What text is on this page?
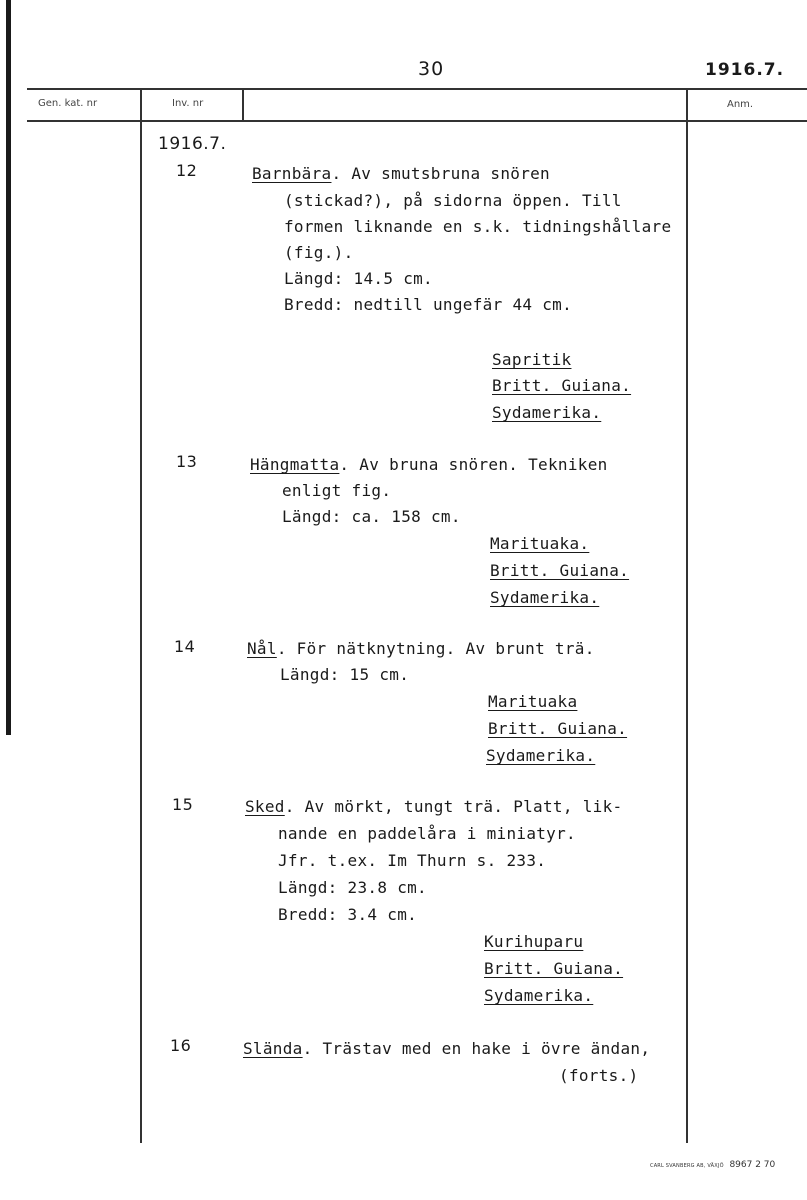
30	1916.7.
Gen. kat. nr	Inv. nr	Anm.
1916.7.
12	Barnbära. Av smutsbruna snören
(stickad?), på sidorna öppen. Till
formen liknande en s.k. tidningshållare
(fig.).
Längd: 14.5 cm.
Bredd: nedtill ungefär 44 cm.
Sapritik
Britt. Guiana.
Sydamerika.
13	Hängmatta. Av bruna snören. Tekniken
enligt fig.
Längd: ca. 158 cm.
Marituaka.
Britt. Guiana.
Sydamerika.
14	Nål. För nätknytning. Av brunt trä.
Längd: 15 cm.
Marituaka
Britt. Guiana.
Sydamerika.
15	Sked. Av mörkt, tungt trä. Platt, lik-
nande en paddelåra i miniatyr.
Jfr. t.ex. Im Thurn s. 233.
Längd: 23.8 cm.
Bredd: 3.4 cm.
Kurihuparu
Britt. Guiana.
Sydamerika.
16	Slända. Trästav med en hake i övre ändan,
(forts.)
CARL SVANBERG AB, VÄXJÖ 8967 2 70
